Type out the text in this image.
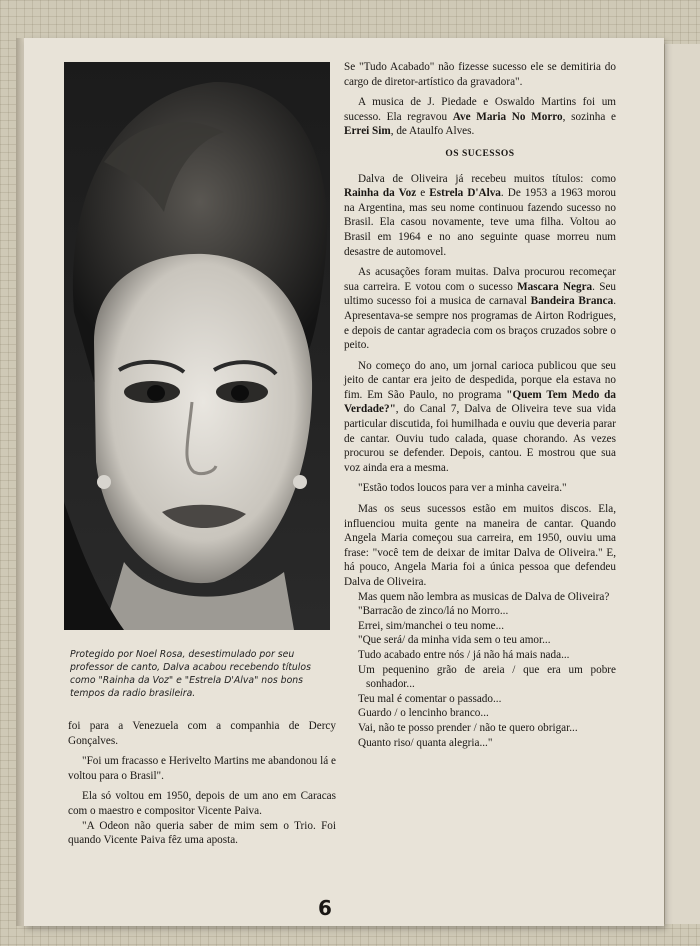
Protegido por Noel Rosa, desestimulado por seu professor de canto, Dalva acabou recebendo títulos como "Rainha da Voz" e "Estrela D'Alva" nos bons tempos da radio brasileira.

foi para a Venezuela com a companhia de Dercy Gonçalves.

"Foi um fracasso e Herivelto Martins me abandonou lá e voltou para o Brasil".

Ela só voltou em 1950, depois de um ano em Caracas com o maestro e compositor Vicente Paiva.

"A Odeon não queria saber de mim sem o Trio. Foi quando Vicente Paiva fêz uma aposta.

Se "Tudo Acabado" não fizesse sucesso ele se demitiria do cargo de diretor-artístico da gravadora".

A musica de J. Piedade e Oswaldo Martins foi um sucesso. Ela regravou Ave Maria No Morro, sozinha e Errei Sim, de Ataulfo Alves.

OS SUCESSOS

Dalva de Oliveira já recebeu muitos títulos: como Rainha da Voz e Estrela D'Alva. De 1953 a 1963 morou na Argentina, mas seu nome continuou fazendo sucesso no Brasil. Ela casou novamente, teve uma filha. Voltou ao Brasil em 1964 e no ano seguinte quase morreu num desastre de automovel.

As acusações foram muitas. Dalva procurou recomeçar sua carreira. E votou com o sucesso Mascara Negra. Seu ultimo sucesso foi a musica de carnaval Bandeira Branca. Apresentava-se sempre nos programas de Airton Rodrigues, e depois de cantar agradecia com os braços cruzados sobre o peito.

No começo do ano, um jornal carioca publicou que seu jeito de cantar era jeito de despedida, porque ela estava no fim. Em São Paulo, no programa "Quem Tem Medo da Verdade?", do Canal 7, Dalva de Oliveira teve sua vida particular discutida, foi humilhada e ouviu que deveria parar de cantar. Ouviu tudo calada, quase chorando. As vezes procurou se defender. Depois, cantou. E mostrou que sua voz ainda era a mesma.

"Estão todos loucos para ver a minha caveira."

Mas os seus sucessos estão em muitos discos. Ela, influenciou muita gente na maneira de cantar. Quando Angela Maria começou sua carreira, em 1950, ouviu uma frase: "você tem de deixar de imitar Dalva de Oliveira." E, há pouco, Angela Maria foi a única pessoa que defendeu Dalva de Oliveira.

Mas quem não lembra as musicas de Dalva de Oliveira?

"Barracão de zinco/lá no Morro...

Errei, sim/manchei o teu nome...

"Que será/ da minha vida sem o teu amor...

Tudo acabado entre nós / já não há mais nada...

Um pequenino grão de areia / que era um pobre sonhador...

Teu mal é comentar o passado...

Guardo / o lencinho branco...

Vai, não te posso prender / não te quero obrigar...

Quanto riso/ quanta alegria..."

6
